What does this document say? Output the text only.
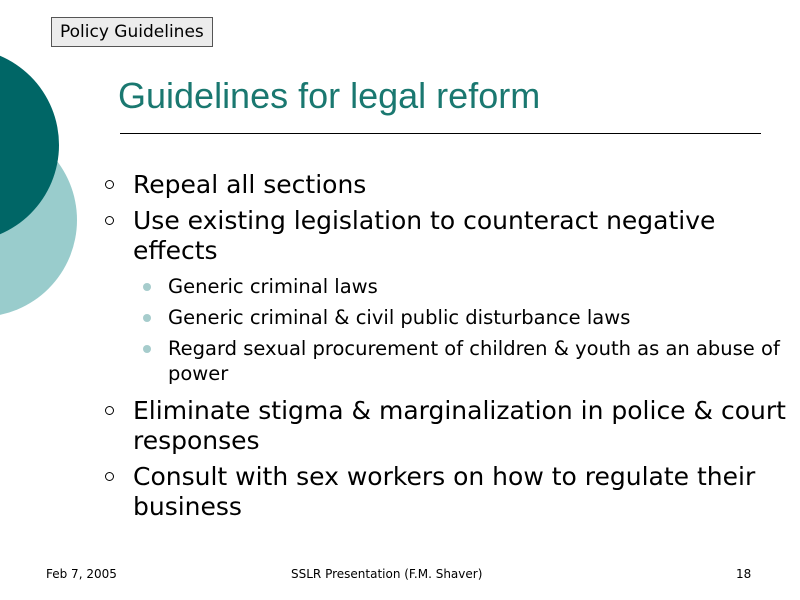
Policy Guidelines
Guidelines for legal reform
Repeal all sections
Use existing legislation to counteract negative effects
Generic criminal laws
Generic criminal & civil public disturbance laws
Regard sexual procurement of children & youth as an abuse of power
Eliminate stigma & marginalization in police & court responses
Consult with sex workers on how to regulate their business
Feb 7, 2005	SSLR Presentation (F.M. Shaver)	18
